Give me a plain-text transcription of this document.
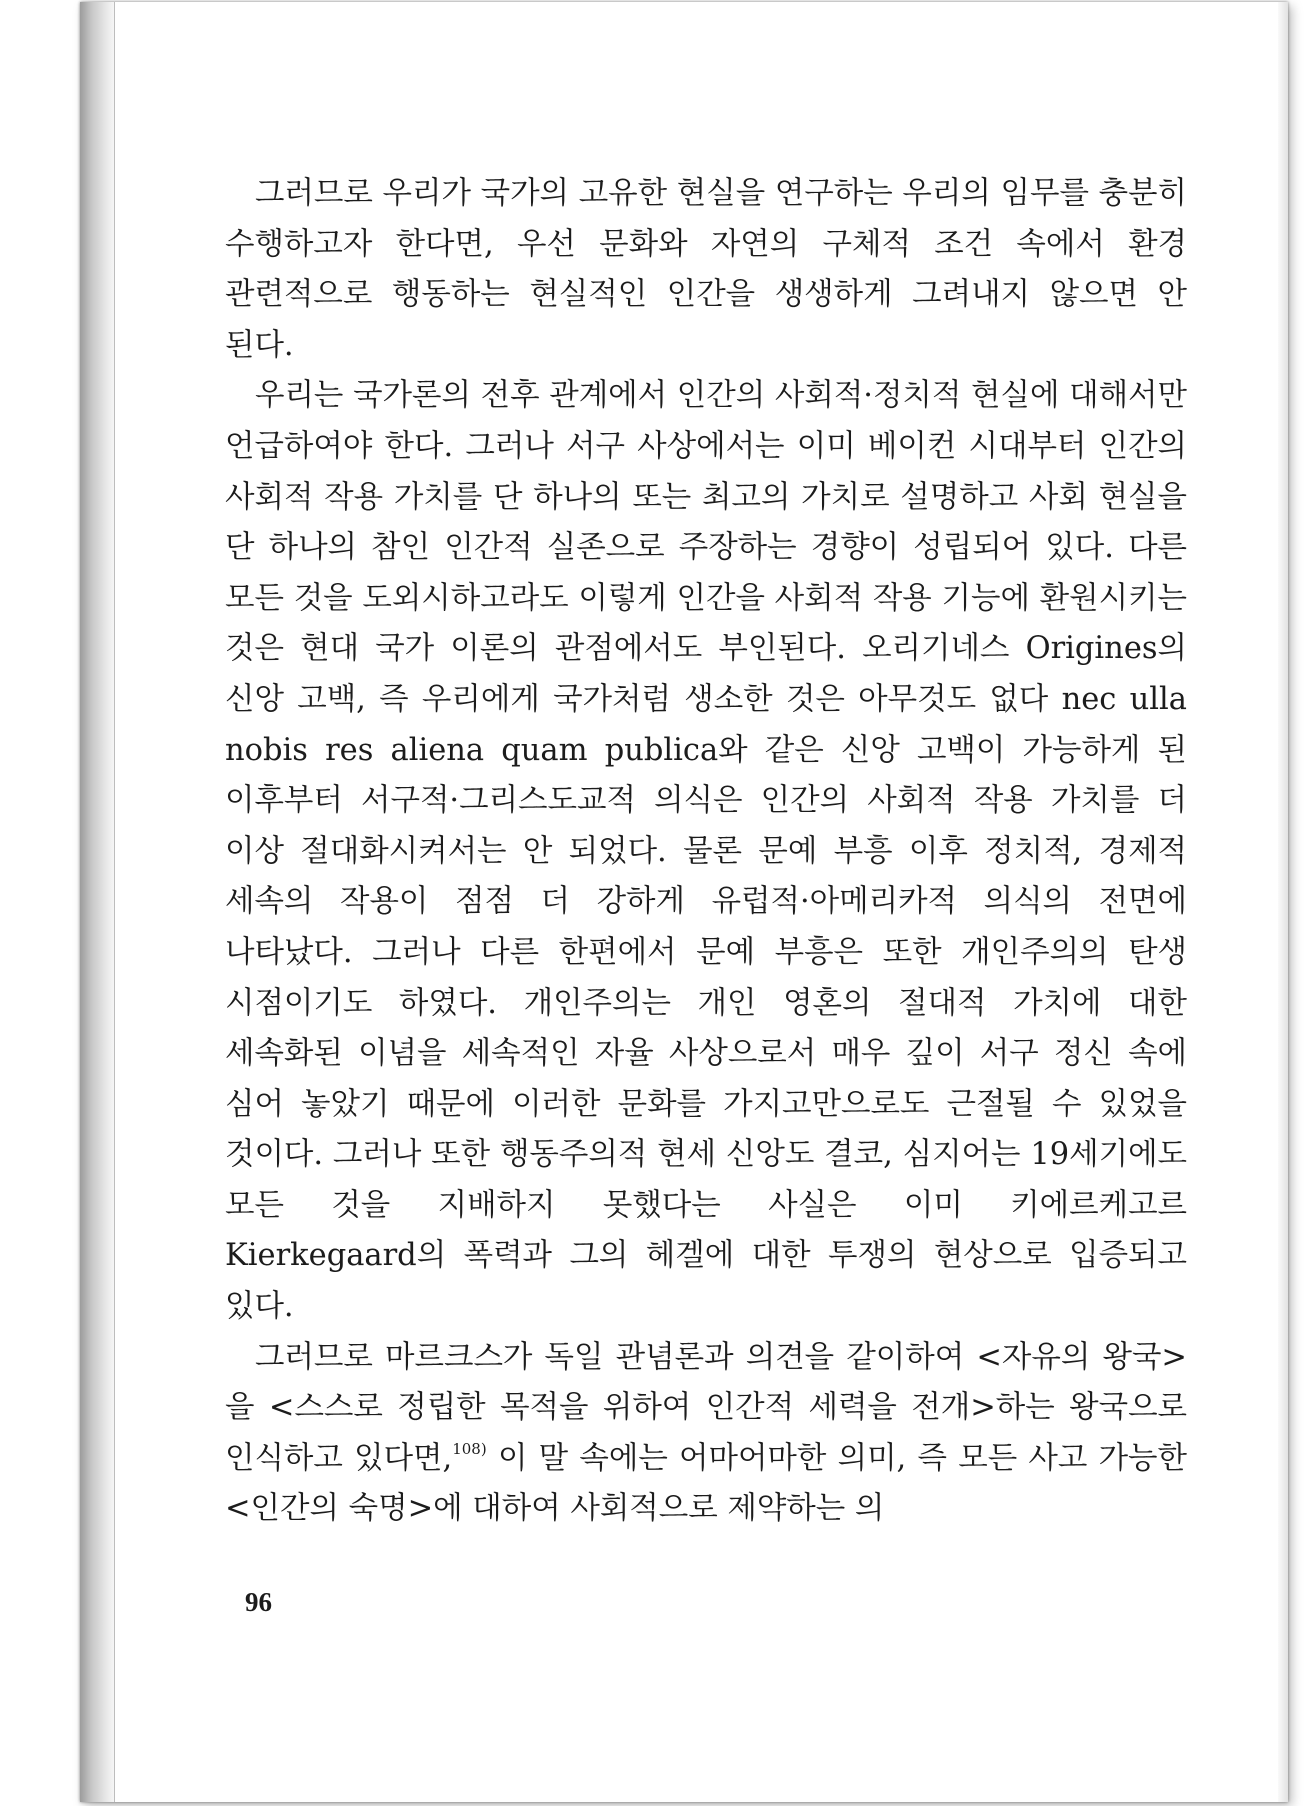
그러므로 우리가 국가의 고유한 현실을 연구하는 우리의 임무를 충분히 수행하고자 한다면, 우선 문화와 자연의 구체적 조건 속에서 환경 관련적으로 행동하는 현실적인 인간을 생생하게 그려내지 않으면 안 된다.

우리는 국가론의 전후 관계에서 인간의 사회적·정치적 현실에 대해서만 언급하여야 한다. 그러나 서구 사상에서는 이미 베이컨 시대부터 인간의 사회적 작용 가치를 단 하나의 또는 최고의 가치로 설명하고 사회 현실을 단 하나의 참인 인간적 실존으로 주장하는 경향이 성립되어 있다. 다른 모든 것을 도외시하고라도 이렇게 인간을 사회적 작용 기능에 환원시키는 것은 현대 국가 이론의 관점에서도 부인된다. 오리기네스 Origines의 신앙 고백, 즉 우리에게 국가처럼 생소한 것은 아무것도 없다 nec ulla nobis res aliena quam publica와 같은 신앙 고백이 가능하게 된 이후부터 서구적·그리스도교적 의식은 인간의 사회적 작용 가치를 더 이상 절대화시켜서는 안 되었다. 물론 문예 부흥 이후 정치적, 경제적 세속의 작용이 점점 더 강하게 유럽적·아메리카적 의식의 전면에 나타났다. 그러나 다른 한편에서 문예 부흥은 또한 개인주의의 탄생 시점이기도 하였다. 개인주의는 개인 영혼의 절대적 가치에 대한 세속화된 이념을 세속적인 자율 사상으로서 매우 깊이 서구 정신 속에 심어 놓았기 때문에 이러한 문화를 가지고만으로도 근절될 수 있었을 것이다. 그러나 또한 행동주의적 현세 신앙도 결코, 심지어는 19세기에도 모든 것을 지배하지 못했다는 사실은 이미 키에르케고르 Kierkegaard의 폭력과 그의 헤겔에 대한 투쟁의 현상으로 입증되고 있다.

그러므로 마르크스가 독일 관념론과 의견을 같이하여 <자유의 왕국>을 <스스로 정립한 목적을 위하여 인간적 세력을 전개>하는 왕국으로 인식하고 있다면,$^{108)}$ 이 말 속에는 어마어마한 의미, 즉 모든 사고 가능한 <인간의 숙명>에 대하여 사회적으로 제약하는 의

96
